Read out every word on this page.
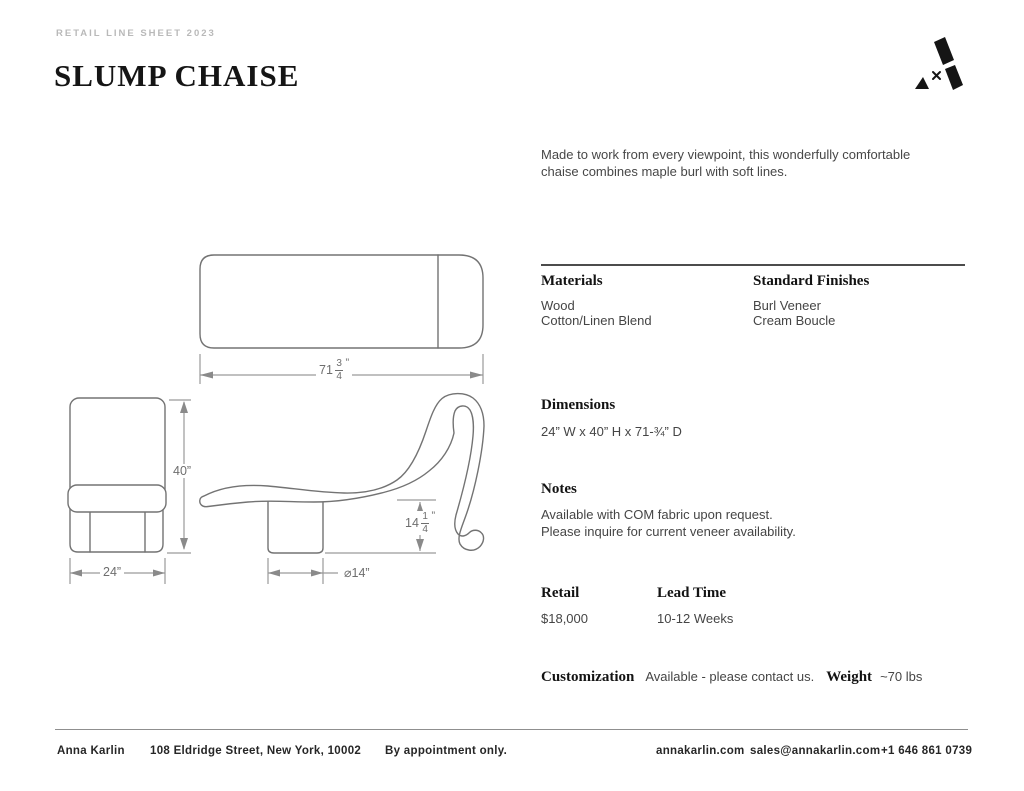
RETAIL LINE SHEET 2023
SLUMP CHAISE
Made to work from every viewpoint, this wonderfully comfortable
chaise combines maple burl with soft lines.
Materials
Wood
Cotton/Linen Blend
Standard Finishes
Burl Veneer
Cream Boucle
Dimensions
24” W x 40” H x 71-¾” D
Notes
Available with COM fabric upon request.
Please inquire for current veneer availability.
Retail
$18,000
Lead Time
10-12 Weeks
Customization Available - please contact us. Weight ~70 lbs
$71 \frac{3}{4}$ ”
40”
24”
$14 \frac{1}{4}$ ”
⌀14”
Anna Karlin 108 Eldridge Street, New York, 10002 By appointment only.	annakarlin.com sales@annakarlin.com +1 646 861 0739
